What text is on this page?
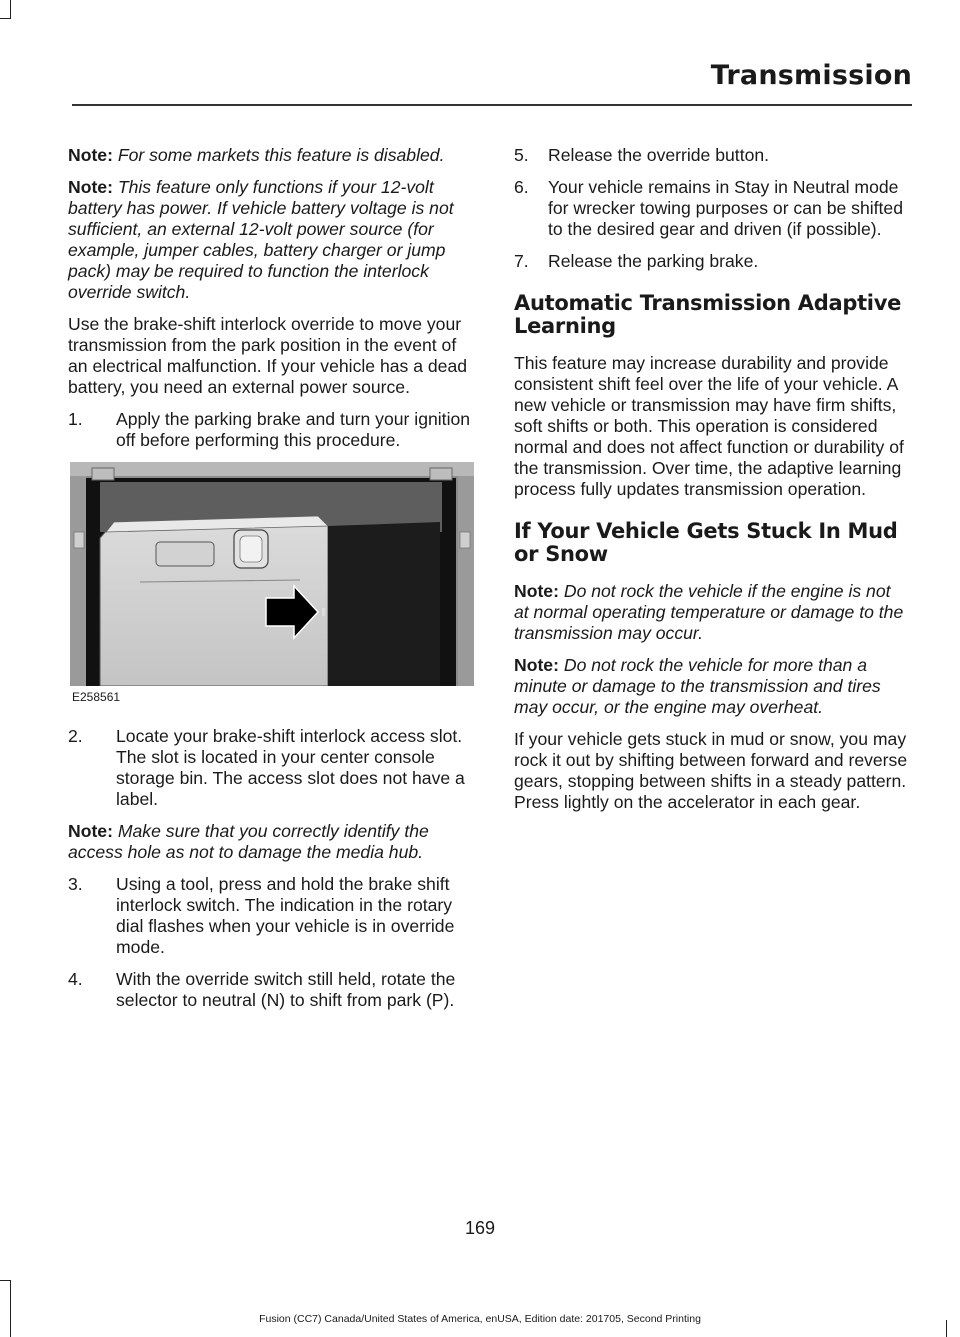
Transmission

Note: For some markets this feature is disabled.

Note: This feature only functions if your 12-volt battery has power. If vehicle battery voltage is not sufficient, an external 12-volt power source (for example, jumper cables, battery charger or jump pack) may be required to function the interlock override switch.

Use the brake-shift interlock override to move your transmission from the park position in the event of an electrical malfunction. If your vehicle has a dead battery, you need an external power source.

1. Apply the parking brake and turn your ignition off before performing this procedure.
E258561
2. Locate your brake-shift interlock access slot. The slot is located in your center console storage bin. The access slot does not have a label.

Note: Make sure that you correctly identify the access hole as not to damage the media hub.

3. Using a tool, press and hold the brake shift interlock switch. The indication in the rotary dial flashes when your vehicle is in override mode.
4. With the override switch still held, rotate the selector to neutral (N) to shift from park (P).
5. Release the override button.
6. Your vehicle remains in Stay in Neutral mode for wrecker towing purposes or can be shifted to the desired gear and driven (if possible).
7. Release the parking brake.
Automatic Transmission Adaptive Learning

This feature may increase durability and provide consistent shift feel over the life of your vehicle. A new vehicle or transmission may have firm shifts, soft shifts or both. This operation is considered normal and does not affect function or durability of the transmission. Over time, the adaptive learning process fully updates transmission operation.

If Your Vehicle Gets Stuck In Mud or Snow

Note: Do not rock the vehicle if the engine is not at normal operating temperature or damage to the transmission may occur.

Note: Do not rock the vehicle for more than a minute or damage to the transmission and tires may occur, or the engine may overheat.

If your vehicle gets stuck in mud or snow, you may rock it out by shifting between forward and reverse gears, stopping between shifts in a steady pattern. Press lightly on the accelerator in each gear.

169
Fusion (CC7) Canada/United States of America, enUSA, Edition date: 201705, Second Printing
